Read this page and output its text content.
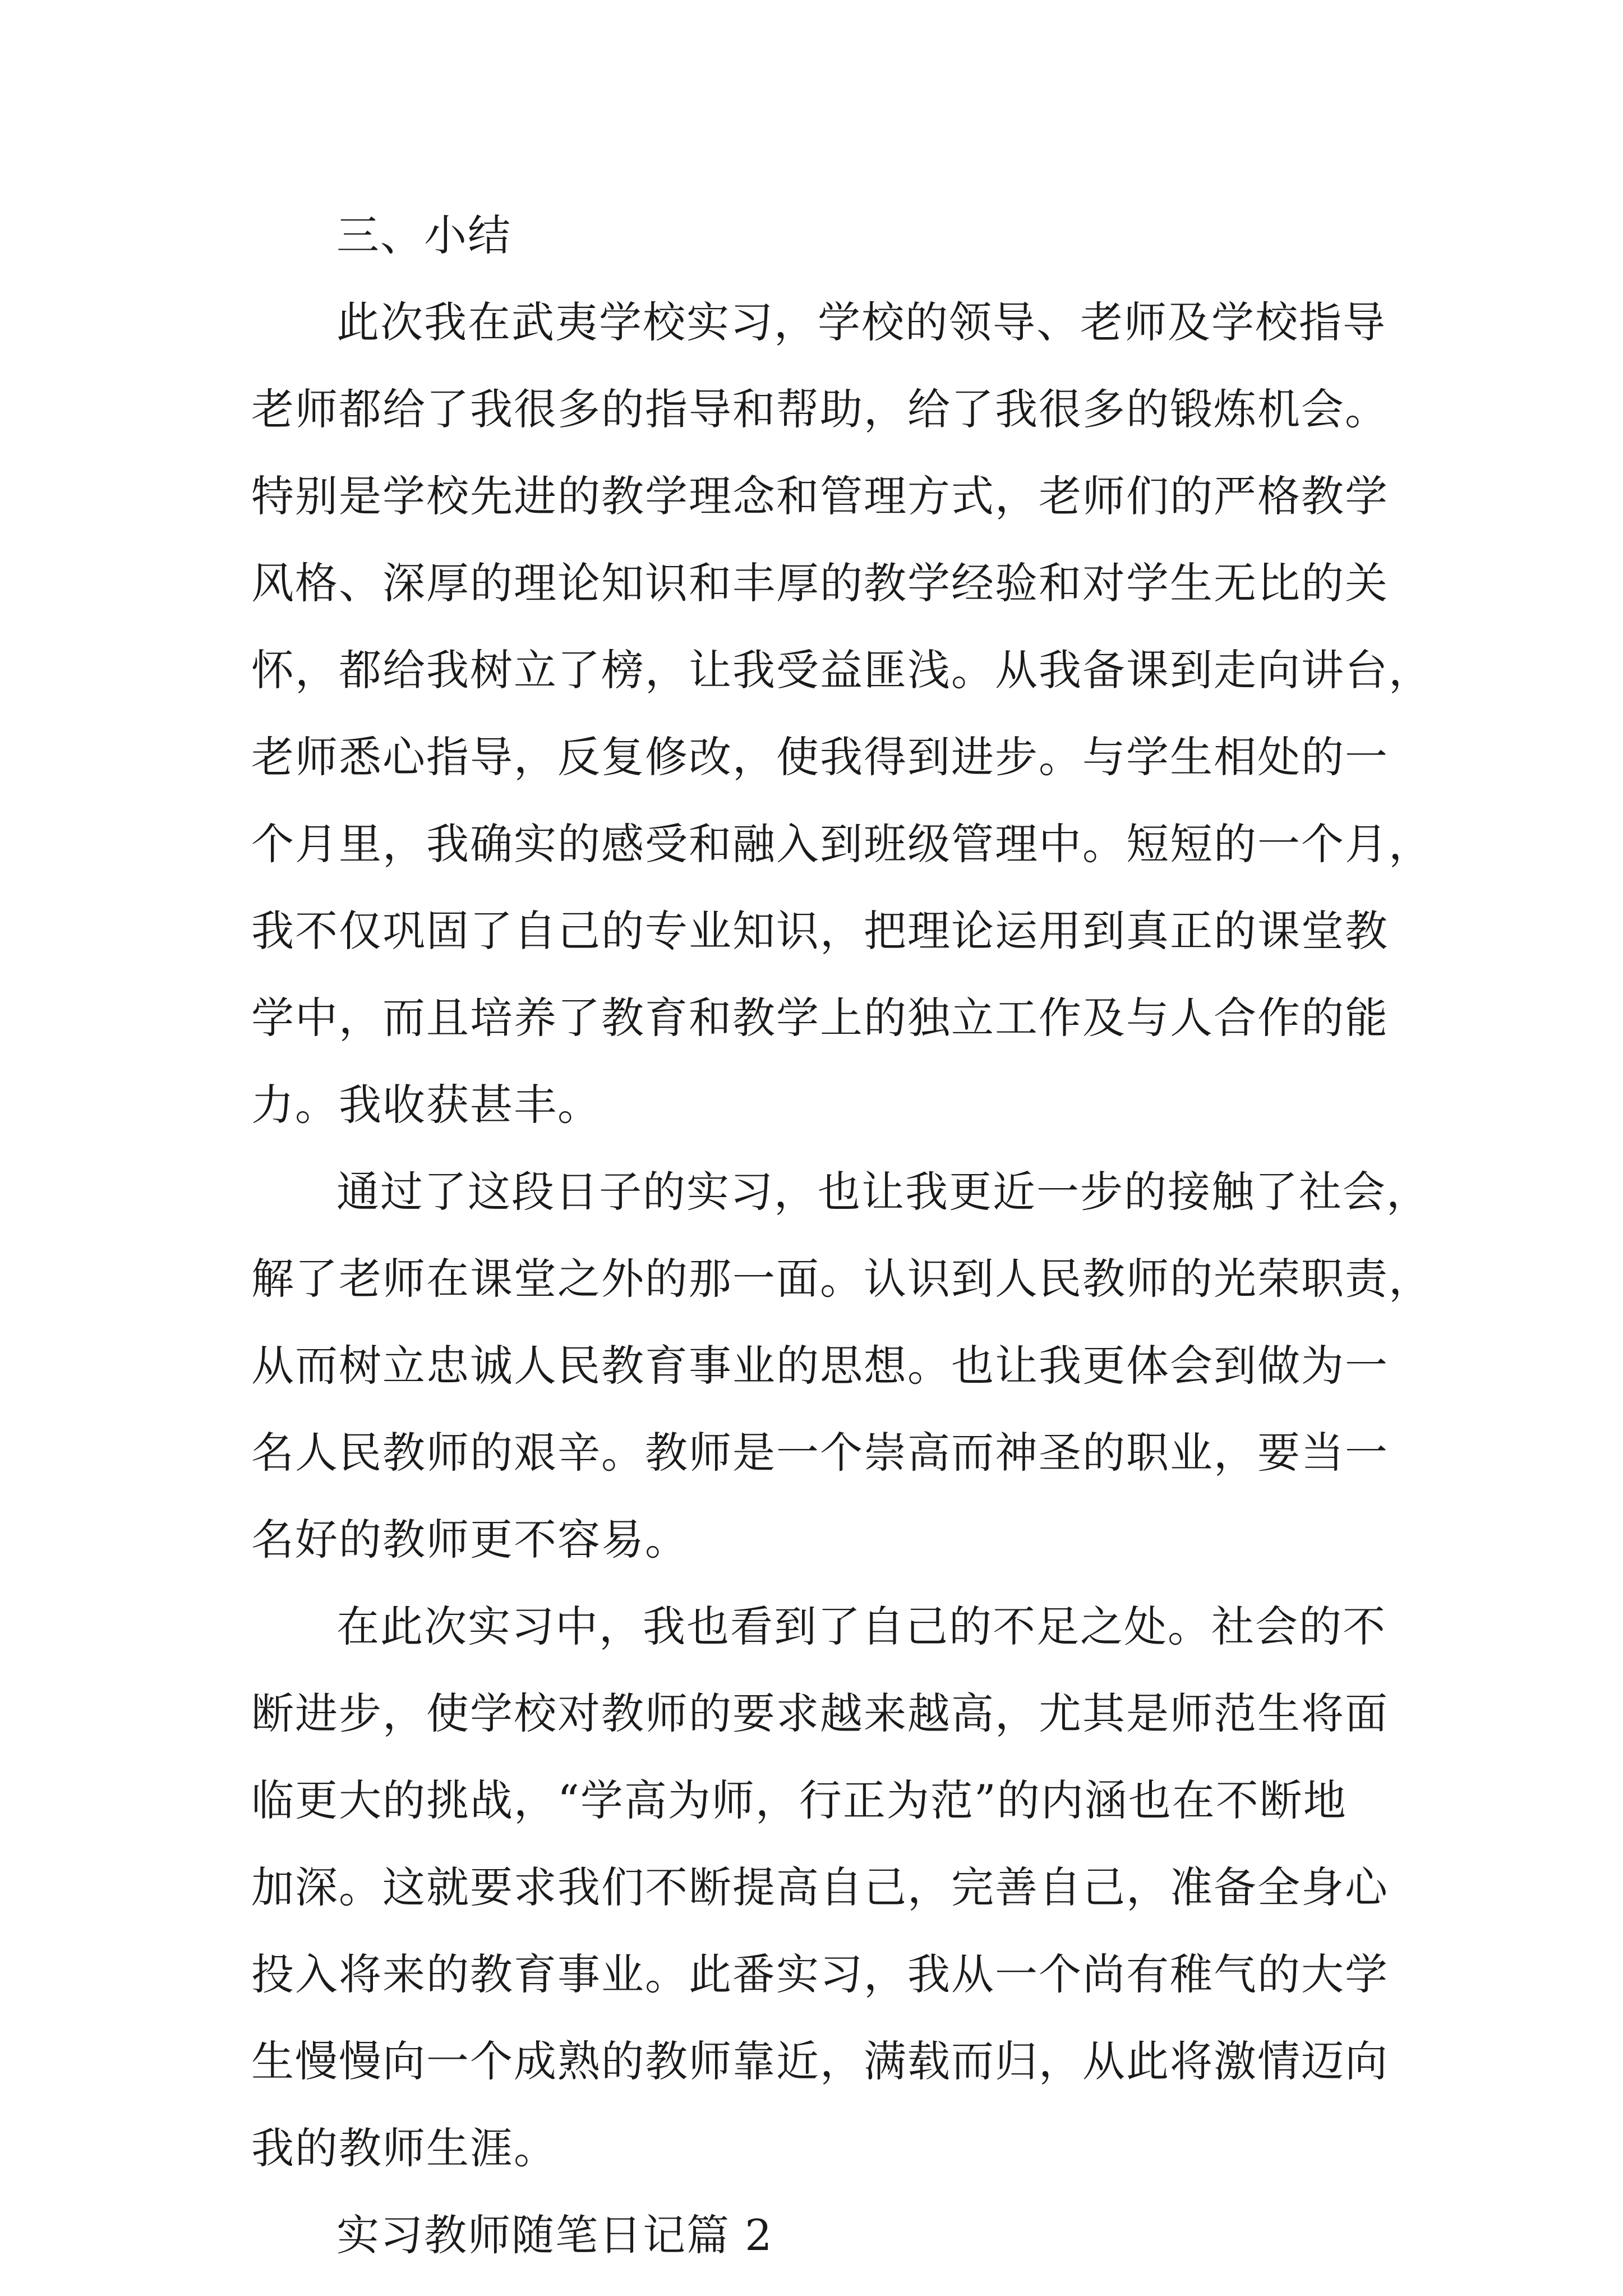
三、小结
此次我在武夷学校实习，学校的领导、老师及学校指导
老师都给了我很多的指导和帮助，给了我很多的锻炼机会。
特别是学校先进的教学理念和管理方式，老师们的严格教学
风格、深厚的理论知识和丰厚的教学经验和对学生无比的关
怀，都给我树立了榜，让我受益匪浅。从我备课到走向讲台，
老师悉心指导，反复修改，使我得到进步。与学生相处的一
个月里，我确实的感受和融入到班级管理中。短短的一个月，
我不仅巩固了自己的专业知识，把理论运用到真正的课堂教
学中，而且培养了教育和教学上的独立工作及与人合作的能
力。我收获甚丰。
通过了这段日子的实习，也让我更近一步的接触了社会，
解了老师在课堂之外的那一面。认识到人民教师的光荣职责，
从而树立忠诚人民教育事业的思想。也让我更体会到做为一
名人民教师的艰辛。教师是一个崇高而神圣的职业，要当一
名好的教师更不容易。
在此次实习中，我也看到了自己的不足之处。社会的不
断进步，使学校对教师的要求越来越高，尤其是师范生将面
临更大的挑战，“学高为师，行正为范”的内涵也在不断地
加深。这就要求我们不断提高自己，完善自己，准备全身心
投入将来的教育事业。此番实习，我从一个尚有稚气的大学
生慢慢向一个成熟的教师靠近，满载而归，从此将激情迈向
我的教师生涯。
实习教师随笔日记篇 2
